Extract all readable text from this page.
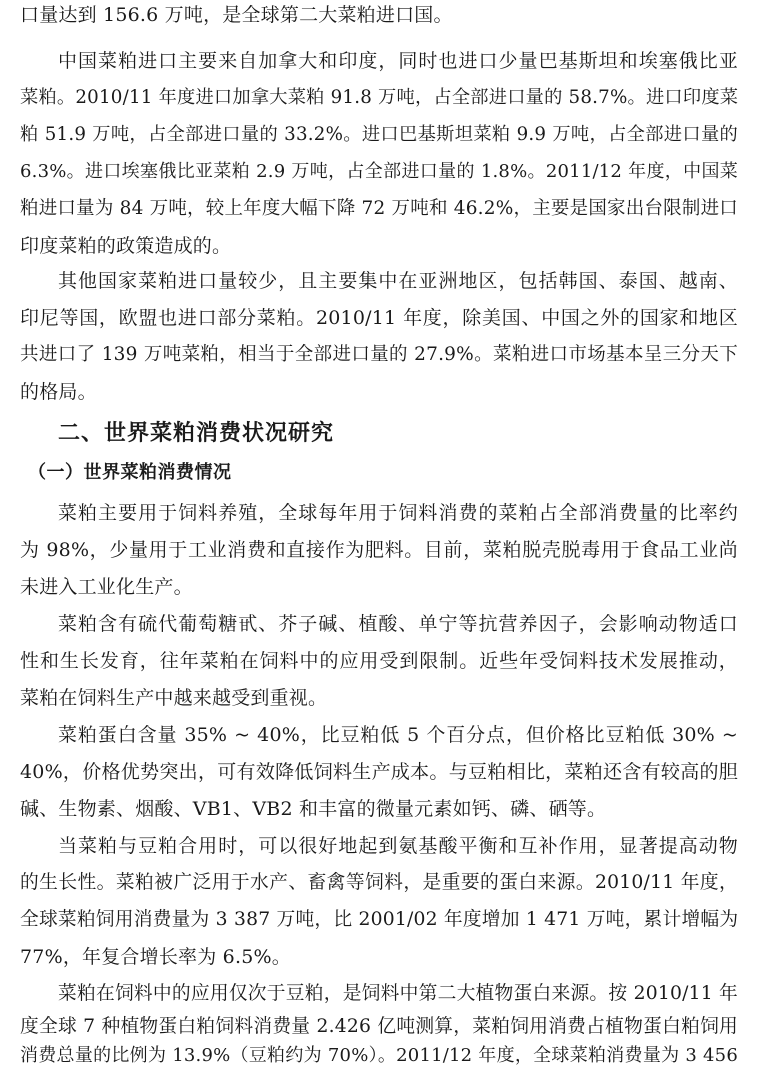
口量达到 156.6 万吨，是全球第二大菜粕进口国。
中国菜粕进口主要来自加拿大和印度，同时也进口少量巴基斯坦和埃塞俄比亚
菜粕。2010/11 年度进口加拿大菜粕 91.8 万吨，占全部进口量的 58.7%。进口印度菜
粕 51.9 万吨，占全部进口量的 33.2%。进口巴基斯坦菜粕 9.9 万吨，占全部进口量的
6.3%。进口埃塞俄比亚菜粕 2.9 万吨，占全部进口量的 1.8%。2011/12 年度，中国菜
粕进口量为 84 万吨，较上年度大幅下降 72 万吨和 46.2%，主要是国家出台限制进口
印度菜粕的政策造成的。
其他国家菜粕进口量较少，且主要集中在亚洲地区，包括韩国、泰国、越南、
印尼等国，欧盟也进口部分菜粕。2010/11 年度，除美国、中国之外的国家和地区
共进口了 139 万吨菜粕，相当于全部进口量的 27.9%。菜粕进口市场基本呈三分天下
的格局。
二、世界菜粕消费状况研究
（一）世界菜粕消费情况
菜粕主要用于饲料养殖，全球每年用于饲料消费的菜粕占全部消费量的比率约
为 98%，少量用于工业消费和直接作为肥料。目前，菜粕脱壳脱毒用于食品工业尚
未进入工业化生产。
菜粕含有硫代葡萄糖甙、芥子碱、植酸、单宁等抗营养因子，会影响动物适口
性和生长发育，往年菜粕在饲料中的应用受到限制。近些年受饲料技术发展推动，
菜粕在饲料生产中越来越受到重视。
菜粕蛋白含量 35% ~ 40%，比豆粕低 5 个百分点，但价格比豆粕低 30% ~
40%，价格优势突出，可有效降低饲料生产成本。与豆粕相比，菜粕还含有较高的胆
碱、生物素、烟酸、VB1、VB2 和丰富的微量元素如钙、磷、硒等。
当菜粕与豆粕合用时，可以很好地起到氨基酸平衡和互补作用，显著提高动物
的生长性。菜粕被广泛用于水产、畜禽等饲料，是重要的蛋白来源。2010/11 年度，
全球菜粕饲用消费量为 3 387 万吨，比 2001/02 年度增加 1 471 万吨，累计增幅为
77%，年复合增长率为 6.5%。
菜粕在饲料中的应用仅次于豆粕，是饲料中第二大植物蛋白来源。按 2010/11 年
度全球 7 种植物蛋白粕饲料消费量 2.426 亿吨测算，菜粕饲用消费占植物蛋白粕饲用
消费总量的比例为 13.9%（豆粕约为 70%）。2011/12 年度，全球菜粕消费量为 3 456
